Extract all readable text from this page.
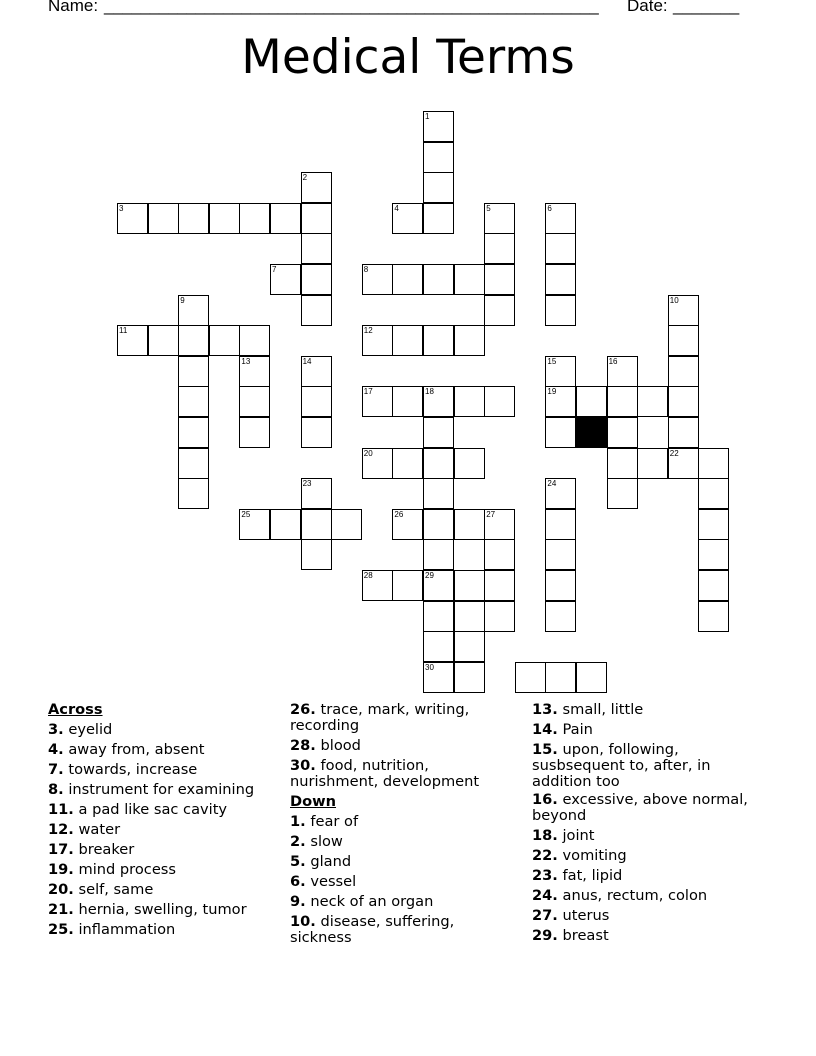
Name: ______________________________________________________ Date: _______
Medical Terms
1
2
3	4	5	6
7	8
9	10
11	12
13	14	15
19
16
17	18
20	22
23
25	26	27
24
28	29
30
Across
3. eyelid
4. away from, absent
7. towards, increase
8. instrument for examining
11. a pad like sac cavity
12. water
17. breaker
19. mind process
20. self, same
21. hernia, swelling, tumor
25. inflammation
26. trace, mark, writing, recording
28. blood
30. food, nutrition, nurishment, development
Down
1. fear of
2. slow
5. gland
6. vessel
9. neck of an organ
10. disease, suffering, sickness
13. small, little
14. Pain
15. upon, following, susbsequent to, after, in addition too
16. excessive, above normal, beyond
18. joint
22. vomiting
23. fat, lipid
24. anus, rectum, colon
27. uterus
29. breast
